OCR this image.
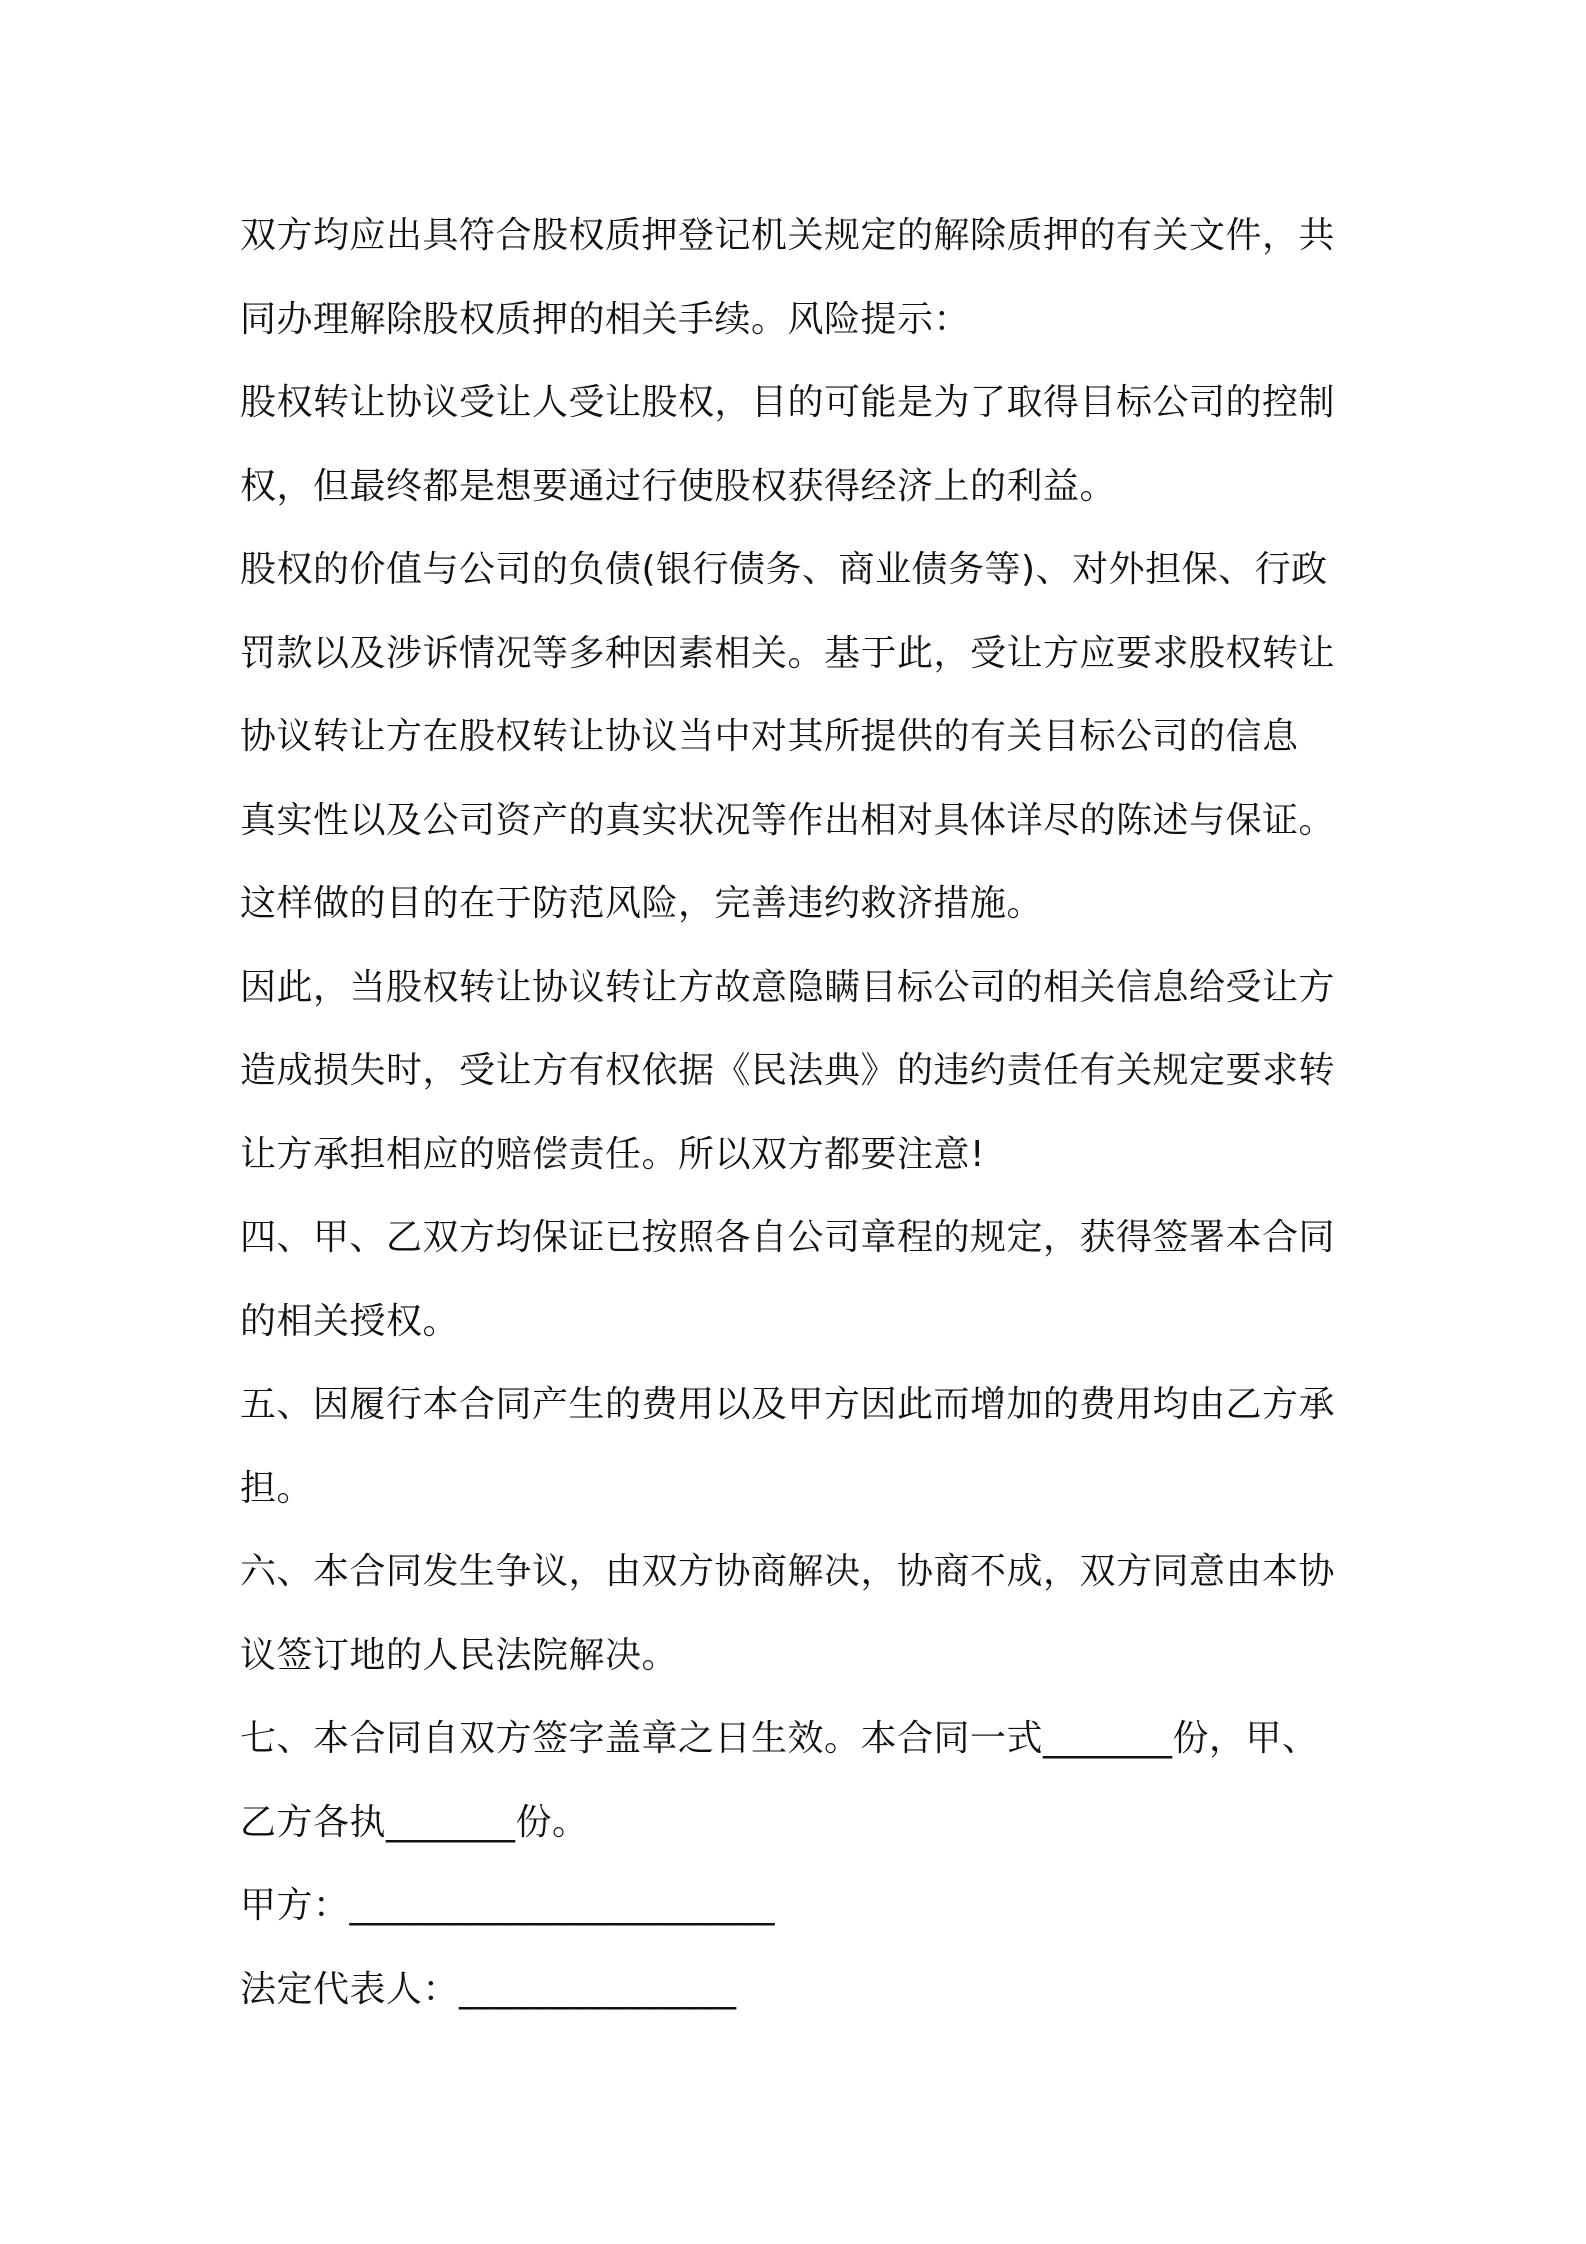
双方均应出具符合股权质押登记机关规定的解除质押的有关文件，共
同办理解除股权质押的相关手续。风险提示：
股权转让协议受让人受让股权，目的可能是为了取得目标公司的控制
权，但最终都是想要通过行使股权获得经济上的利益。
股权的价值与公司的负债(银行债务、商业债务等)、对外担保、行政
罚款以及涉诉情况等多种因素相关。基于此，受让方应要求股权转让
协议转让方在股权转让协议当中对其所提供的有关目标公司的信息
真实性以及公司资产的真实状况等作出相对具体详尽的陈述与保证。
这样做的目的在于防范风险，完善违约救济措施。
因此，当股权转让协议转让方故意隐瞒目标公司的相关信息给受让方
造成损失时，受让方有权依据《民法典》的违约责任有关规定要求转
让方承担相应的赔偿责任。所以双方都要注意!
四、甲、乙双方均保证已按照各自公司章程的规定，获得签署本合同
的相关授权。
五、因履行本合同产生的费用以及甲方因此而增加的费用均由乙方承
担。
六、本合同发生争议，由双方协商解决，协商不成，双方同意由本协
议签订地的人民法院解决。
七、本合同自双方签字盖章之日生效。本合同一式_______份，甲、
乙方各执_______份。
甲方：_______________________
法定代表人：_______________
